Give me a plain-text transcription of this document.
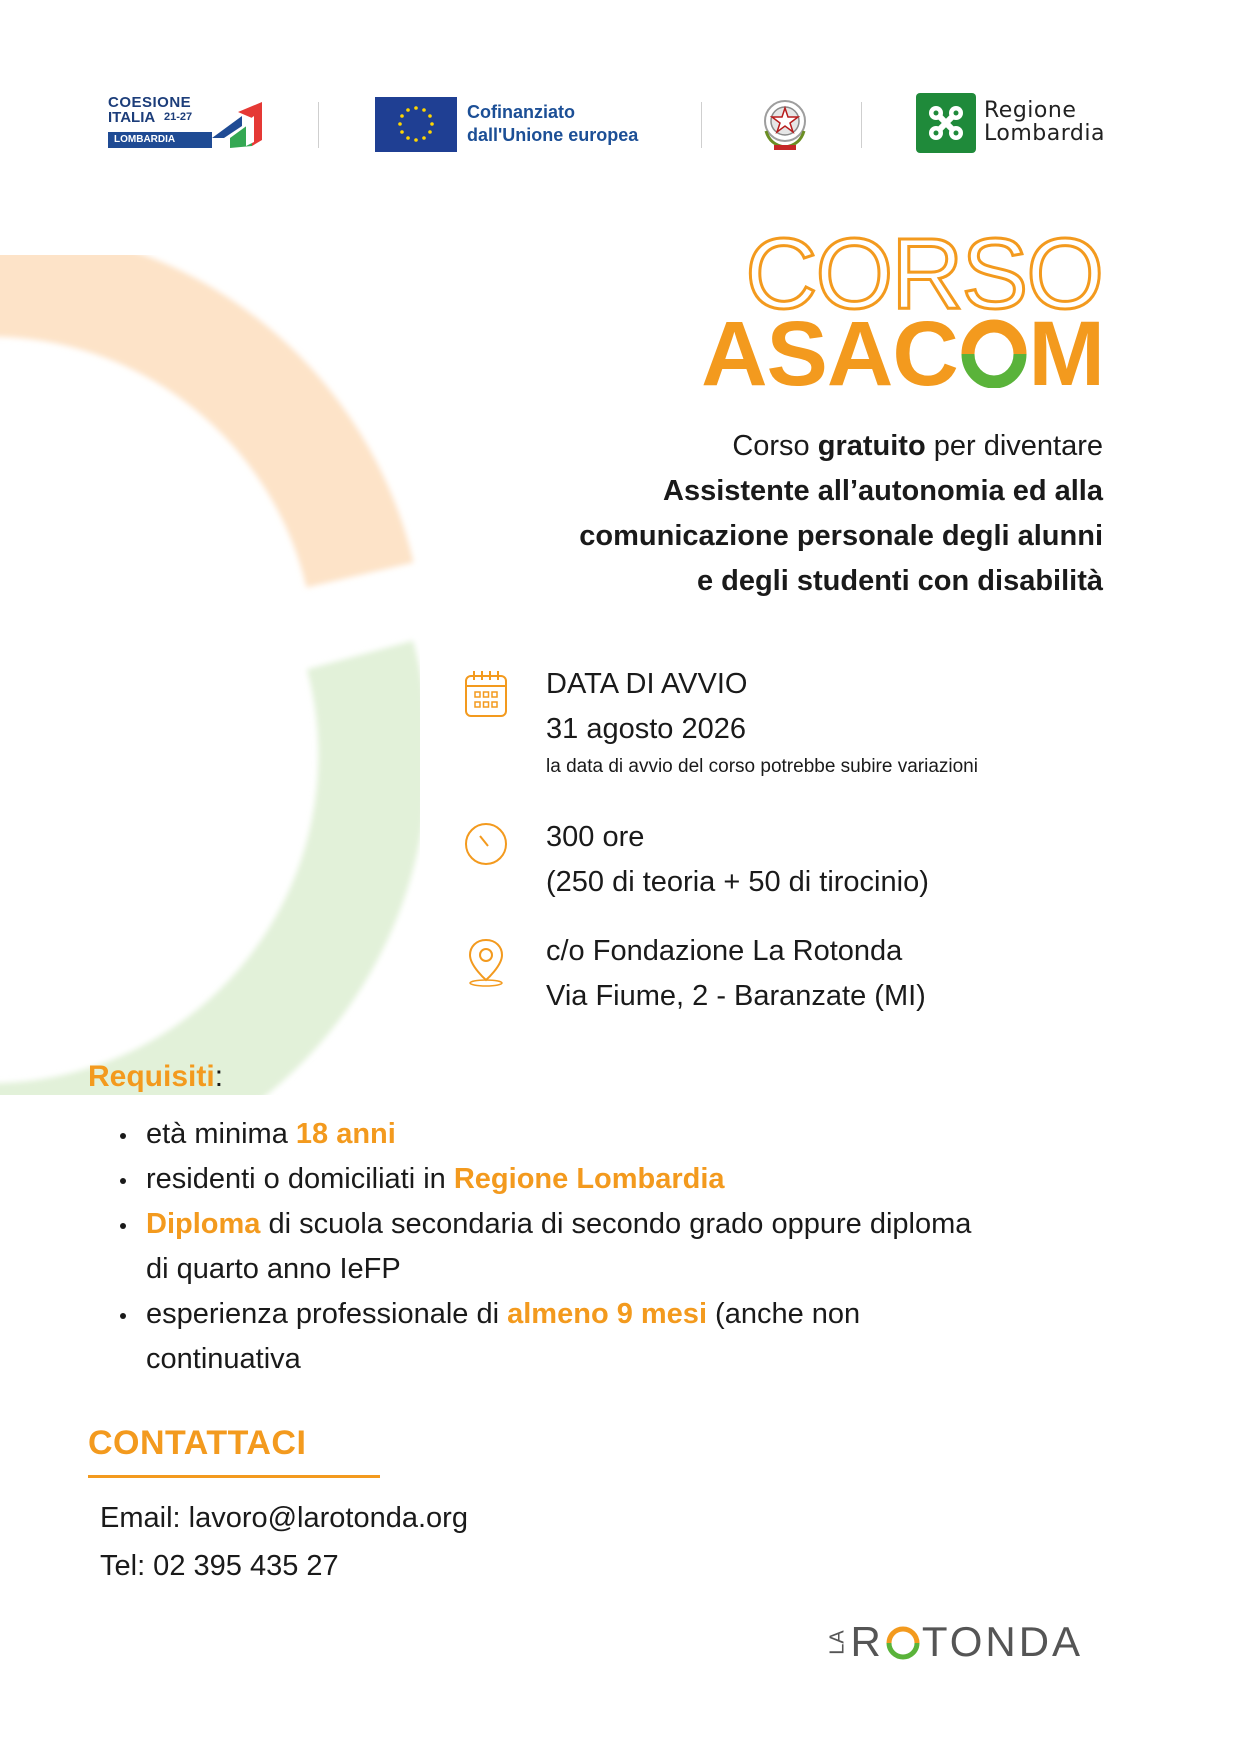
COESIONE
ITALIA 21-27
LOMBARDIA
Cofinanziato
dall'Unione europea
Regione
Lombardia
CORSO
ASAC M
Corso gratuito per diventare
Assistente all’autonomia ed alla
comunicazione personale degli alunni
e degli studenti con disabilità
DATA DI AVVIO
31 agosto 2026
la data di avvio del corso potrebbe subire variazioni
300 ore
(250 di teoria + 50 di tirocinio)
c/o Fondazione La Rotonda
Via Fiume, 2 - Baranzate (MI)
Requisiti:
età minima 18 anni
residenti o domiciliati in Regione Lombardia
Diploma di scuola secondaria di secondo grado oppure diploma
di quarto anno IeFP
esperienza professionale di almeno 9 mesi (anche non
continuativa
CONTATTACI
Email: lavoro@larotonda.org
Tel: 02 395 435 27
LAR TONDA
